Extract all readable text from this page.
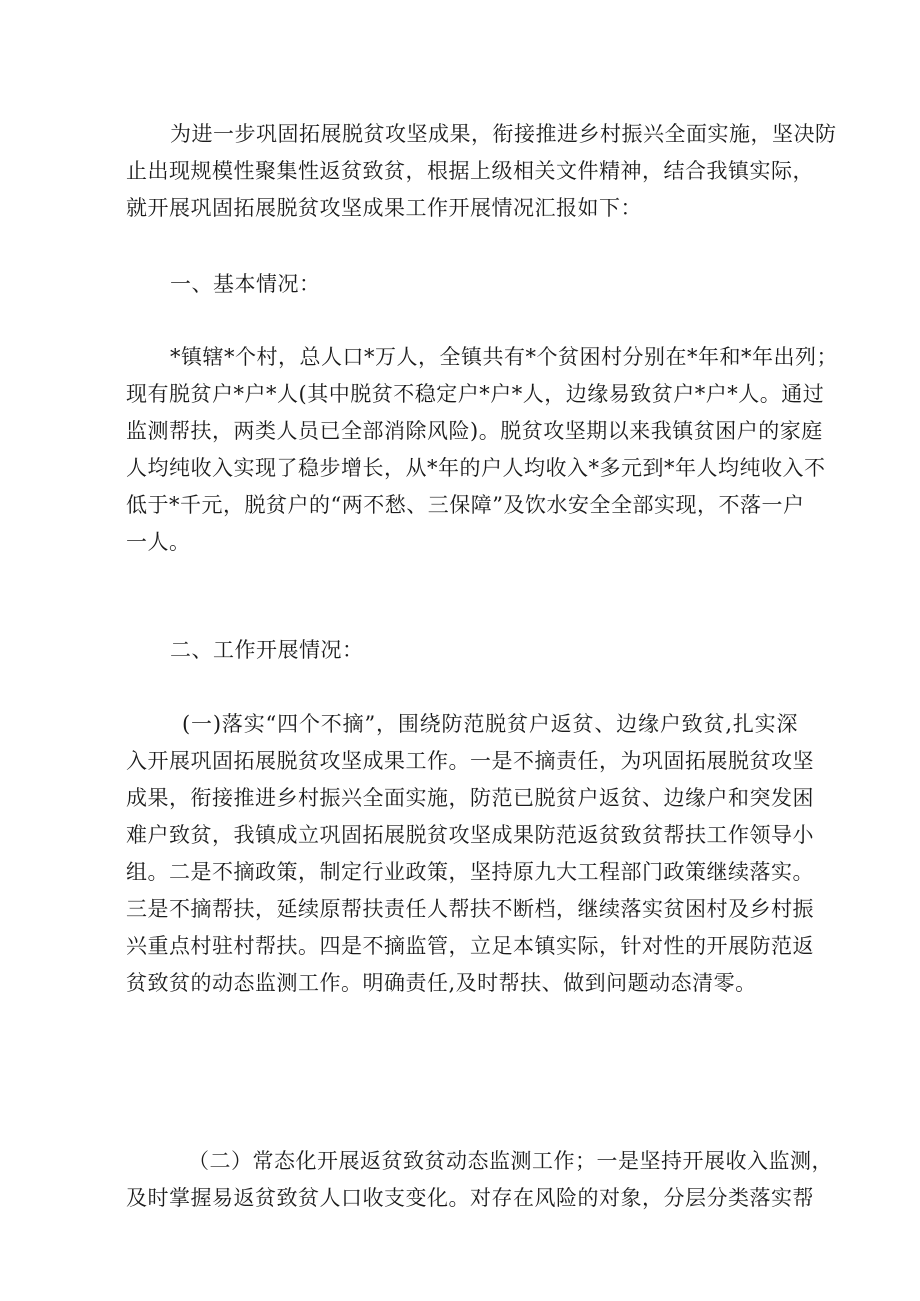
为进一步巩固拓展脱贫攻坚成果，衔接推进乡村振兴全面实施，坚决防
止出现规模性聚集性返贫致贫，根据上级相关文件精神，结合我镇实际，
就开展巩固拓展脱贫攻坚成果工作开展情况汇报如下：
一、基本情况：
*镇辖*个村，总人口*万人，全镇共有*个贫困村分别在*年和*年出列；
现有脱贫户*户*人(其中脱贫不稳定户*户*人，边缘易致贫户*户*人。通过
监测帮扶，两类人员已全部消除风险)。脱贫攻坚期以来我镇贫困户的家庭
人均纯收入实现了稳步增长，从*年的户人均收入*多元到*年人均纯收入不
低于*千元，脱贫户的“两不愁、三保障”及饮水安全全部实现，不落一户
一人。
二、工作开展情况：
(一)落实“四个不摘”，围绕防范脱贫户返贫、边缘户致贫,扎实深
入开展巩固拓展脱贫攻坚成果工作。一是不摘责任，为巩固拓展脱贫攻坚
成果，衔接推进乡村振兴全面实施，防范已脱贫户返贫、边缘户和突发困
难户致贫，我镇成立巩固拓展脱贫攻坚成果防范返贫致贫帮扶工作领导小
组。二是不摘政策，制定行业政策，坚持原九大工程部门政策继续落实。
三是不摘帮扶，延续原帮扶责任人帮扶不断档，继续落实贫困村及乡村振
兴重点村驻村帮扶。四是不摘监管，立足本镇实际，针对性的开展防范返
贫致贫的动态监测工作。明确责任,及时帮扶、做到问题动态清零。
（二）常态化开展返贫致贫动态监测工作；一是坚持开展收入监测，
及时掌握易返贫致贫人口收支变化。对存在风险的对象，分层分类落实帮
